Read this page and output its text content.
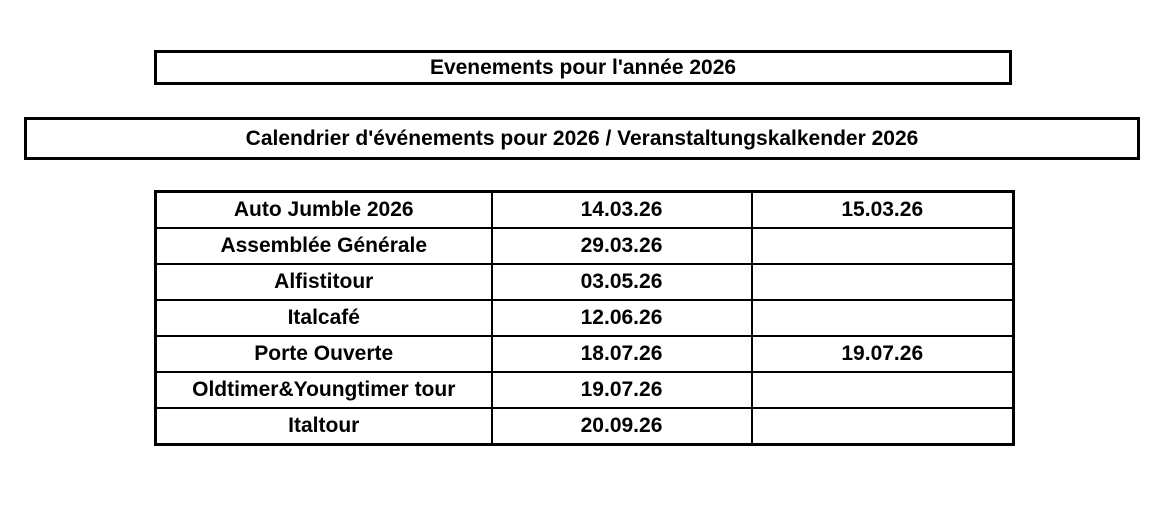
Evenements pour l'année 2026
Calendrier d'événements pour 2026 / Veranstaltungskalkender 2026
Auto Jumble 2026	14.03.26	15.03.26
Assemblée Générale	29.03.26	
Alfistitour	03.05.26	
Italcafé	12.06.26	
Porte Ouverte	18.07.26	19.07.26
Oldtimer&Youngtimer tour	19.07.26	
Italtour	20.09.26	
